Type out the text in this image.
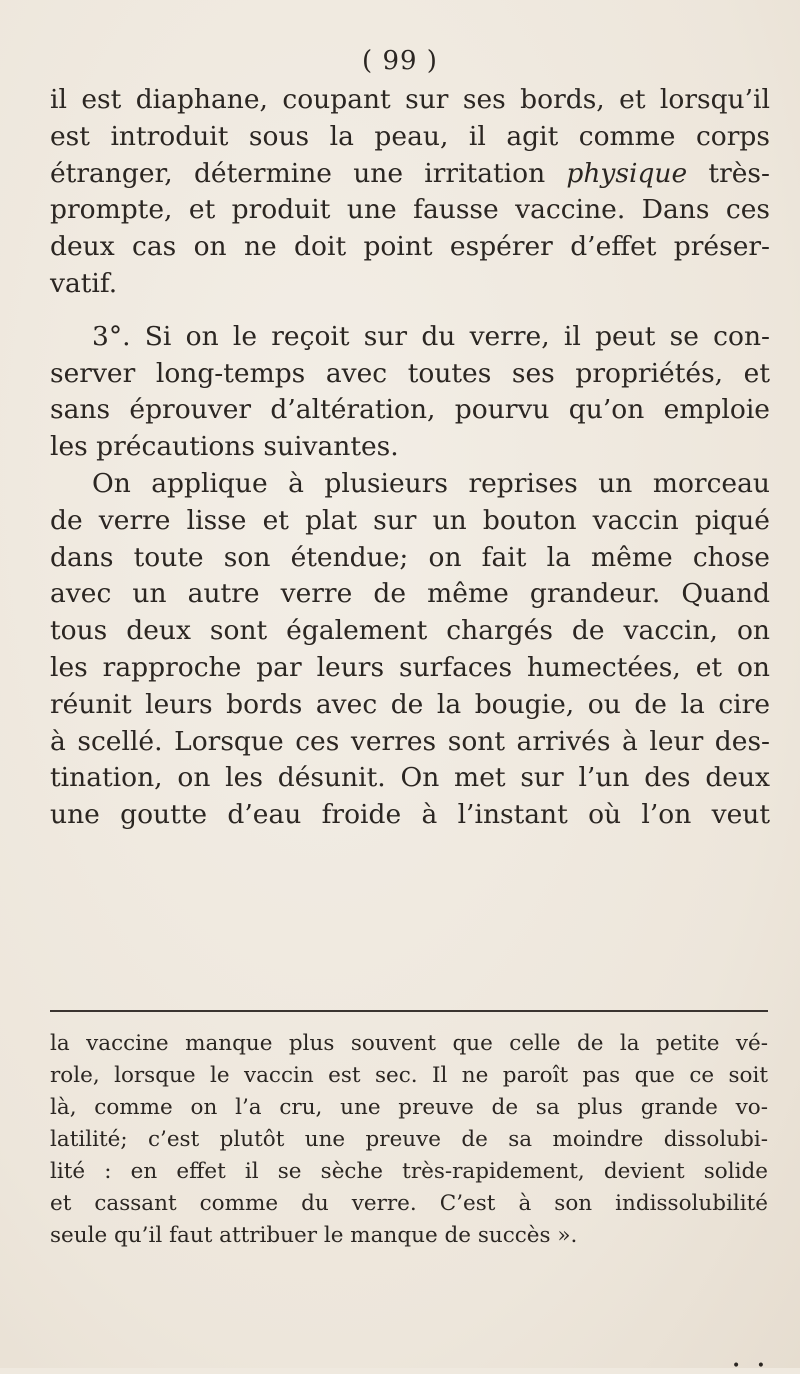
( 99 )
il est diaphane, coupant sur ses bords, et lorsqu’il
est introduit sous la peau, il agit comme corps
étranger, détermine une irritation physique très-
prompte, et produit une fausse vaccine. Dans ces
deux cas on ne doit point espérer d’effet préser-
vatif.
3°. Si on le reçoit sur du verre, il peut se con-
server long-temps avec toutes ses propriétés, et
sans éprouver d’altération, pourvu qu’on emploie
les précautions suivantes.
On applique à plusieurs reprises un morceau
de verre lisse et plat sur un bouton vaccin piqué
dans toute son étendue; on fait la même chose
avec un autre verre de même grandeur. Quand
tous deux sont également chargés de vaccin, on
les rapproche par leurs surfaces humectées, et on
réunit leurs bords avec de la bougie, ou de la cire
à scellé. Lorsque ces verres sont arrivés à leur des-
tination, on les désunit. On met sur l’un des deux
une goutte d’eau froide à l’instant où l’on veut
la vaccine manque plus souvent que celle de la petite vé-
role, lorsque le vaccin est sec. Il ne paroît pas que ce soit
là, comme on l’a cru, une preuve de sa plus grande vo-
latilité; c’est plutôt une preuve de sa moindre dissolubi-
lité : en effet il se sèche très-rapidement, devient solide
et cassant comme du verre. C’est à son indissolubilité
seule qu’il faut attribuer le manque de succès ».
• •
